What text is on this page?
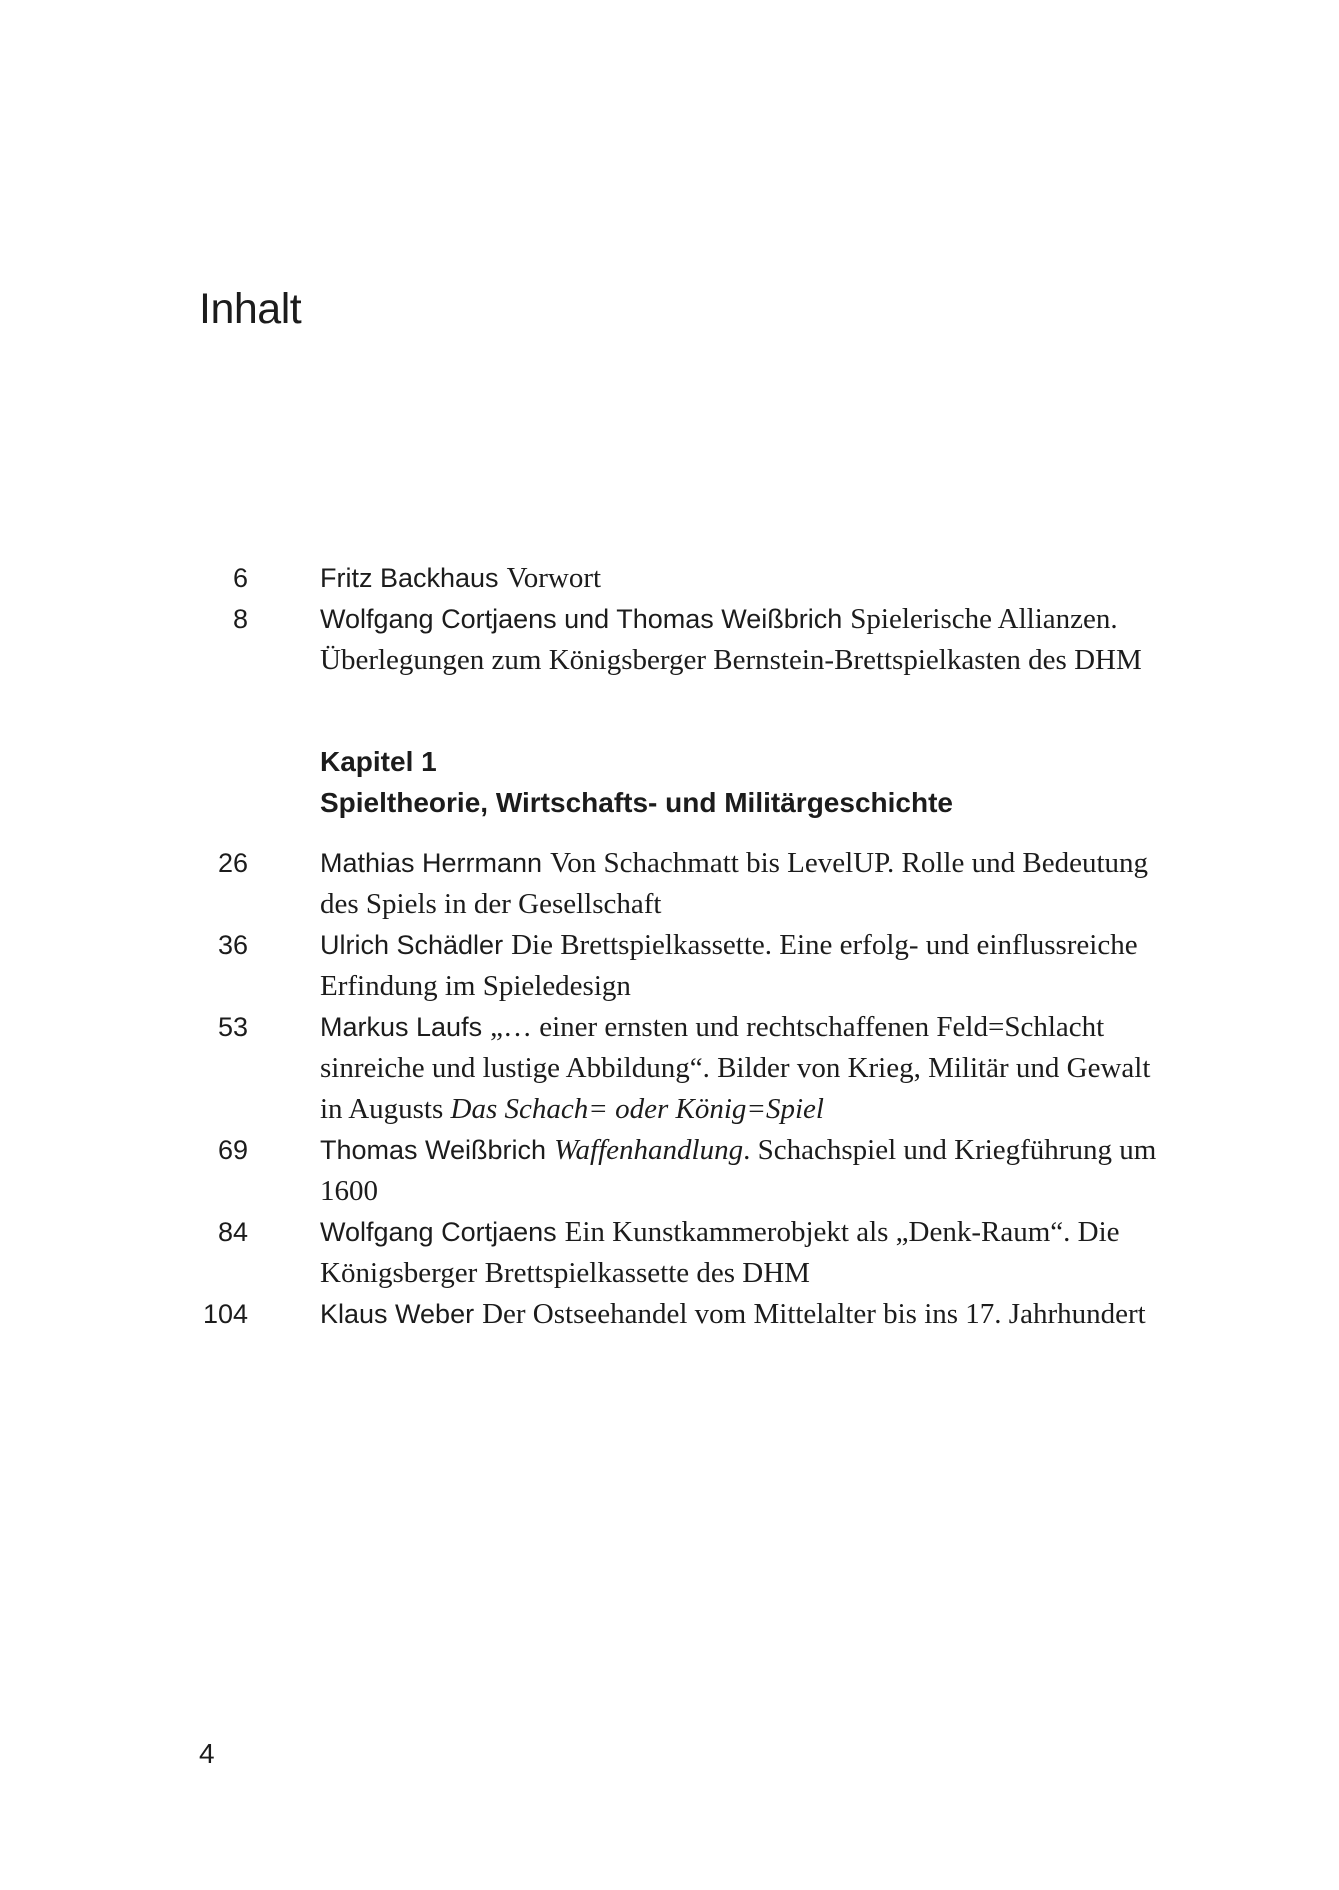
Inhalt
6	Fritz Backhaus Vorwort
8	Wolfgang Cortjaens und Thomas Weißbrich Spielerische Allianzen. Überlegungen zum Königsberger Bernstein-Brettspielkasten des DHM
Kapitel 1
Spieltheorie, Wirtschafts- und Militärgeschichte
26	Mathias Herrmann Von Schachmatt bis LevelUP. Rolle und Bedeutung des Spiels in der Gesellschaft
36	Ulrich Schädler Die Brettspielkassette. Eine erfolg- und einflussreiche Erfindung im Spieledesign
53	Markus Laufs „… einer ernsten und rechtschaffenen Feld=Schlacht sinreiche und lustige Abbildung“. Bilder von Krieg, Militär und Gewalt in Augusts Das Schach= oder König=Spiel
69	Thomas Weißbrich Waffenhandlung. Schachspiel und Kriegführung um 1600
84	Wolfgang Cortjaens Ein Kunstkammerobjekt als „Denk-Raum“. Die Königsberger Brettspielkassette des DHM
104	Klaus Weber Der Ostseehandel vom Mittelalter bis ins 17. Jahrhundert
4
